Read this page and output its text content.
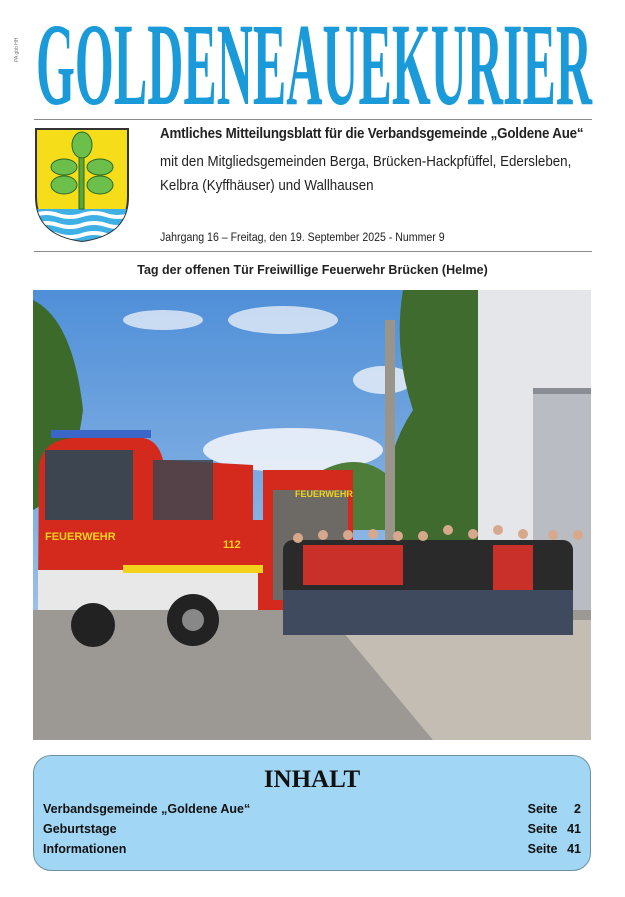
PA gbb HH GOLDENEAUEKURIER
Amtliches Mitteilungsblatt für die Verbandsgemeinde „Goldene Aue“
mit den Mitgliedsgemeinden Berga, Brücken-Hackpfüffel, Edersleben,
Kelbra (Kyffhäuser) und Wallhausen
Jahrgang 16 – Freitag, den 19. September 2025 - Nummer 9
Tag der offenen Tür Freiwillige Feuerwehr Brücken (Helme)
FEUERWEHR
FEUERWEHR
112
INHALT
Verbandsgemeinde „Goldene Aue“	Seite 2
Geburtstage	Seite 41
Informationen	Seite 41
